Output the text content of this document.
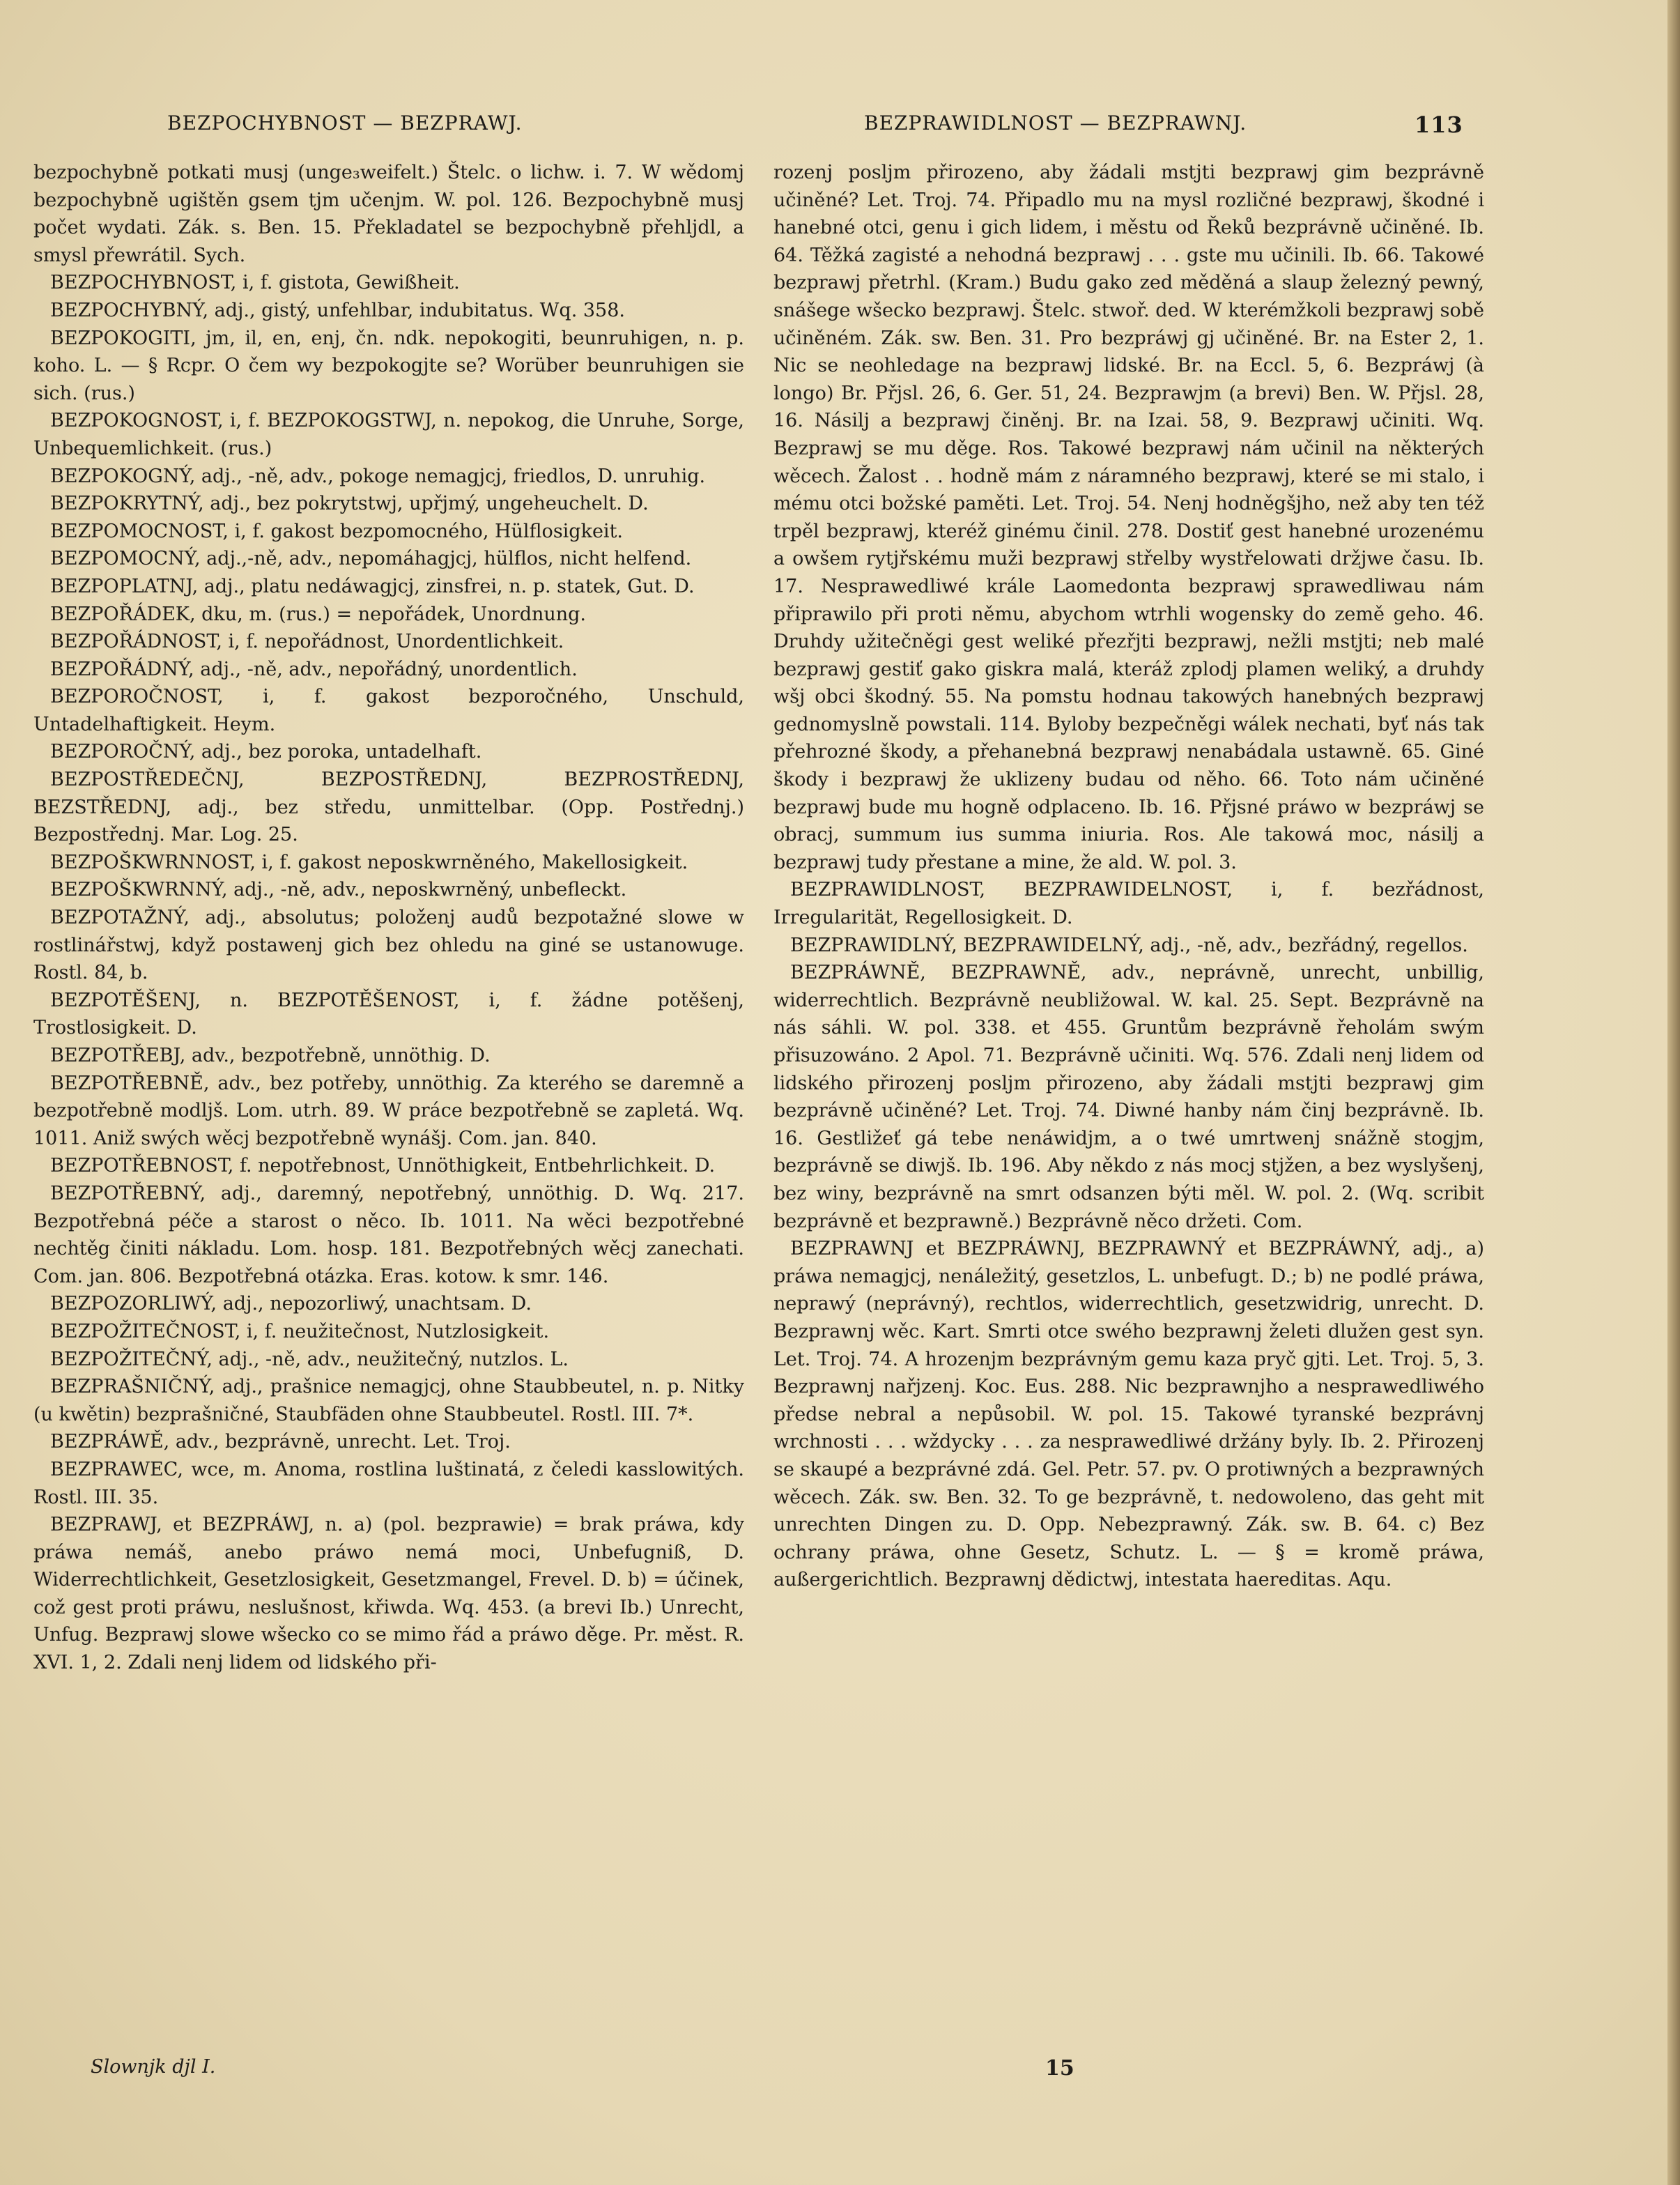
BEZPOCHYBNOST — BEZPRAWJ.	BEZPRAWIDLNOST — BEZPRAWNJ.	113

bezpochybně potkati musj (unge₃weifelt.) Štelc. o lichw. i. 7. W wědomj bezpochybně ugištěn gsem tjm učenjm. W. pol. 126. Bezpochybně musj počet wydati. Zák. s. Ben. 15. Překladatel se bezpochybně přehljdl, a smysl přewrátil. Sych.

BEZPOCHYBNOST, i, f. gistota, Gewißheit.

BEZPOCHYBNÝ, adj., gistý, unfehlbar, indubitatus. Wq. 358.

BEZPOKOGITI, jm, il, en, enj, čn. ndk. nepokogiti, beunruhigen, n. p. koho. L. — § Rcpr. O čem wy bezpokogjte se? Worüber beunruhigen sie sich. (rus.)

BEZPOKOGNOST, i, f. BEZPOKOGSTWJ, n. nepokog, die Unruhe, Sorge, Unbequemlichkeit. (rus.)

BEZPOKOGNÝ, adj., -ně, adv., pokoge nemagjcj, friedlos, D. unruhig.

BEZPOKRYTNÝ, adj., bez pokrytstwj, upřjmý, ungeheuchelt. D.

BEZPOMOCNOST, i, f. gakost bezpomocného, Hülflosigkeit.

BEZPOMOCNÝ, adj.,-ně, adv., nepomáhagjcj, hülflos, nicht helfend.

BEZPOPLATNJ, adj., platu nedáwagjcj, zinsfrei, n. p. statek, Gut. D.

BEZPOŘÁDEK, dku, m. (rus.) = nepořádek, Unordnung.

BEZPOŘÁDNOST, i, f. nepořádnost, Unordentlichkeit.

BEZPOŘÁDNÝ, adj., -ně, adv., nepořádný, unordentlich.

BEZPOROČNOST, i, f. gakost bezporočného, Unschuld, Untadelhaftigkeit. Heym.

BEZPOROČNÝ, adj., bez poroka, untadelhaft.

BEZPOSTŘEDEČNJ, BEZPOSTŘEDNJ, BEZPROSTŘEDNJ, BEZSTŘEDNJ, adj., bez středu, unmittelbar. (Opp. Postřednj.) Bezpostřednj. Mar. Log. 25.

BEZPOŠKWRNNOST, i, f. gakost neposkwrněného, Makellosigkeit.

BEZPOŠKWRNNÝ, adj., -ně, adv., neposkwrněný, unbefleckt.

BEZPOTAŽNÝ, adj., absolutus; položenj audů bezpotažné slowe w rostlinářstwj, když postawenj gich bez ohledu na giné se ustanowuge. Rostl. 84, b.

BEZPOTĚŠENJ, n. BEZPOTĚŠENOST, i, f. žádne potěšenj, Trostlosigkeit. D.

BEZPOTŘEBJ, adv., bezpotřebně, unnöthig. D.

BEZPOTŘEBNĚ, adv., bez potřeby, unnöthig. Za kterého se daremně a bezpotřebně modljš. Lom. utrh. 89. W práce bezpotřebně se zapletá. Wq. 1011. Aniž swých wěcj bezpotřebně wynášj. Com. jan. 840.

BEZPOTŘEBNOST, f. nepotřebnost, Unnöthigkeit, Entbehrlichkeit. D.

BEZPOTŘEBNÝ, adj., daremný, nepotřebný, unnöthig. D. Wq. 217. Bezpotřebná péče a starost o něco. Ib. 1011. Na wěci bezpotřebné nechtěg činiti nákladu. Lom. hosp. 181. Bezpotřebných wěcj zanechati. Com. jan. 806. Bezpotřebná otázka. Eras. kotow. k smr. 146.

BEZPOZORLIWÝ, adj., nepozorliwý, unachtsam. D.

BEZPOŽITEČNOST, i, f. neužitečnost, Nutzlosigkeit.

BEZPOŽITEČNÝ, adj., -ně, adv., neužitečný, nutzlos. L.

BEZPRAŠNIČNÝ, adj., prašnice nemagjcj, ohne Staubbeutel, n. p. Nitky (u kwětin) bezprašničné, Staubfäden ohne Staubbeutel. Rostl. III. 7*.

BEZPRÁWĚ, adv., bezprávně, unrecht. Let. Troj.

BEZPRAWEC, wce, m. Anoma, rostlina luštinatá, z čeledi kasslowitých. Rostl. III. 35.

BEZPRAWJ, et BEZPRÁWJ, n. a) (pol. bezprawie) = brak práwa, kdy práwa nemáš, anebo práwo nemá moci, Unbefugniß, D. Widerrechtlichkeit, Gesetzlosigkeit, Gesetzmangel, Frevel. D. b) = účinek, což gest proti práwu, neslušnost, křiwda. Wq. 453. (a brevi Ib.) Unrecht, Unfug. Bezprawj slowe wšecko co se mimo řád a práwo děge. Pr. měst. R. XVI. 1, 2. Zdali nenj lidem od lidského při-

rozenj posljm přirozeno, aby žádali mstjti bezprawj gim bezprávně učiněné? Let. Troj. 74. Připadlo mu na mysl rozličné bezprawj, škodné i hanebné otci, genu i gich lidem, i městu od Řeků bezprávně učiněné. Ib. 64. Těžká zagisté a nehodná bezprawj . . . gste mu učinili. Ib. 66. Takowé bezprawj přetrhl. (Kram.) Budu gako zed měděná a slaup železný pewný, snášege wšecko bezprawj. Štelc. stwoř. ded. W kterémžkoli bezprawj sobě učiněném. Zák. sw. Ben. 31. Pro bezpráwj gj učiněné. Br. na Ester 2, 1. Nic se neohledage na bezprawj lidské. Br. na Eccl. 5, 6. Bezpráwj (à longo) Br. Přjsl. 26, 6. Ger. 51, 24. Bezprawjm (a brevi) Ben. W. Přjsl. 28, 16. Násilj a bezprawj činěnj. Br. na Izai. 58, 9. Bezprawj učiniti. Wq. Bezprawj se mu děge. Ros. Takowé bezprawj nám učinil na některých wěcech. Žalost . . hodně mám z náramného bezprawj, které se mi stalo, i mému otci božské paměti. Let. Troj. 54. Nenj hodněgšjho, než aby ten též trpěl bezprawj, kteréž ginému činil. 278. Dostiť gest hanebné urozenému a owšem rytjřskému muži bezprawj střelby wystřelowati držjwe času. Ib. 17. Nesprawedliwé krále Laomedonta bezprawj sprawedliwau nám připrawilo při proti němu, abychom wtrhli wogensky do země geho. 46. Druhdy užitečněgi gest weliké přezřjti bezprawj, nežli mstjti; neb malé bezprawj gestiť gako giskra malá, kteráž zplodj plamen weliký, a druhdy wšj obci škodný. 55. Na pomstu hodnau takowých hanebných bezprawj gednomyslně powstali. 114. Byloby bezpečněgi wálek nechati, byť nás tak přehrozné škody, a přehanebná bezprawj nenabádala ustawně. 65. Giné škody i bezprawj že uklizeny budau od něho. 66. Toto nám učiněné bezprawj bude mu hogně odplaceno. Ib. 16. Přjsné práwo w bezpráwj se obracj, summum ius summa iniuria. Ros. Ale takowá moc, násilj a bezprawj tudy přestane a mine, že ald. W. pol. 3.

BEZPRAWIDLNOST, BEZPRAWIDELNOST, i, f. bezřádnost, Irregularität, Regellosigkeit. D.

BEZPRAWIDLNÝ, BEZPRAWIDELNÝ, adj., -ně, adv., bezřádný, regellos.

BEZPRÁWNĚ, BEZPRAWNĚ, adv., neprávně, unrecht, unbillig, widerrechtlich. Bezprávně neubližowal. W. kal. 25. Sept. Bezprávně na nás sáhli. W. pol. 338. et 455. Gruntům bezprávně řeholám swým přisuzowáno. 2 Apol. 71. Bezprávně učiniti. Wq. 576. Zdali nenj lidem od lidského přirozenj posljm přirozeno, aby žádali mstjti bezprawj gim bezprávně učiněné? Let. Troj. 74. Diwné hanby nám činj bezprávně. Ib. 16. Gestližeť gá tebe nenáwidjm, a o twé umrtwenj snážně stogjm, bezprávně se diwjš. Ib. 196. Aby někdo z nás mocj stjžen, a bez wyslyšenj, bez winy, bezprávně na smrt odsanzen býti měl. W. pol. 2. (Wq. scribit bezprávně et bezprawně.) Bezprávně něco držeti. Com.

BEZPRAWNJ et BEZPRÁWNJ, BEZPRAWNÝ et BEZPRÁWNÝ, adj., a) práwa nemagjcj, nenáležitý, gesetzlos, L. unbefugt. D.; b) ne podlé práwa, neprawý (neprávný), rechtlos, widerrechtlich, gesetzwidrig, unrecht. D. Bezprawnj wěc. Kart. Smrti otce swého bezprawnj želeti dlužen gest syn. Let. Troj. 74. A hrozenjm bezprávným gemu kaza pryč gjti. Let. Troj. 5, 3. Bezprawnj nařjzenj. Koc. Eus. 288. Nic bezprawnjho a nesprawedliwého předse nebral a nepůsobil. W. pol. 15. Takowé tyranské bezprávnj wrchnosti . . . wždycky . . . za nesprawedliwé držány byly. Ib. 2. Přirozenj se skaupé a bezprávné zdá. Gel. Petr. 57. pv. O protiwných a bezprawných wěcech. Zák. sw. Ben. 32. To ge bezprávně, t. nedowoleno, das geht mit unrechten Dingen zu. D. Opp. Nebezprawný. Zák. sw. B. 64. c) Bez ochrany práwa, ohne Gesetz, Schutz. L. — § = kromě práwa, außergerichtlich. Bezprawnj dědictwj, intestata haereditas. Aqu.

Slownjk djl I.	15
